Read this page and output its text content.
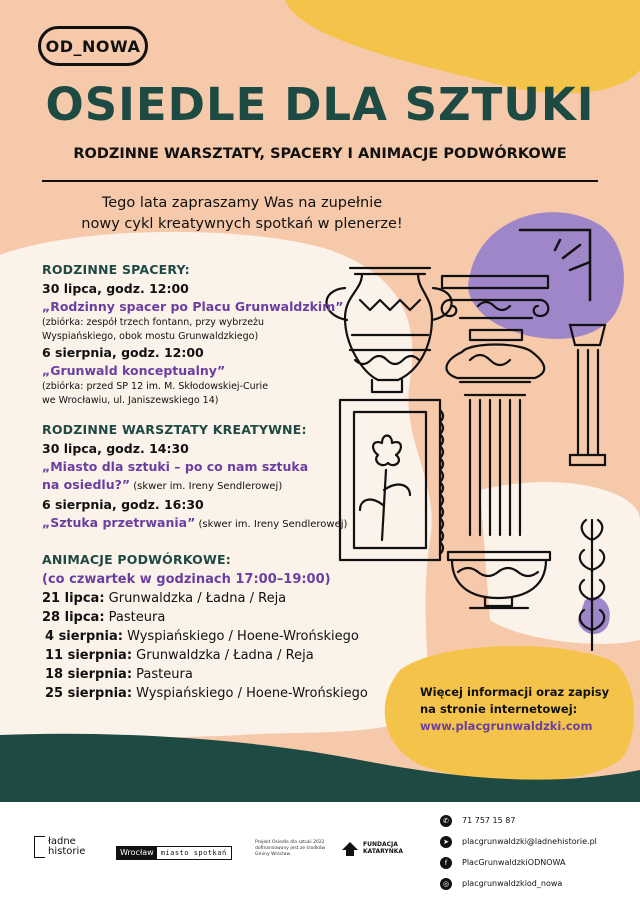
OD_NOWA
OSIEDLE DLA SZTUKI
RODZINNE WARSZTATY, SPACERY I ANIMACJE PODWÓRKOWE
Tego lata zapraszamy Was na zupełnie
nowy cykl kreatywnych spotkań w plenerze!
RODZINNE SPACERY:
30 lipca, godz. 12:00
„Rodzinny spacer po Placu Grunwaldzkim”
(zbiórka: zespół trzech fontann, przy wybrzeżu
Wyspiańskiego, obok mostu Grunwaldzkiego)
6 sierpnia, godz. 12:00
„Grunwald konceptualny”
(zbiórka: przed SP 12 im. M. Skłodowskiej-Curie
we Wrocławiu, ul. Janiszewskiego 14)
RODZINNE WARSZTATY KREATYWNE:
30 lipca, godz. 14:30
„Miasto dla sztuki – po co nam sztuka
na osiedlu?” (skwer im. Ireny Sendlerowej)
6 sierpnia, godz. 16:30
„Sztuka przetrwania” (skwer im. Ireny Sendlerowej)
ANIMACJE PODWÓRKOWE:
(co czwartek w godzinach 17:00–19:00)
21 lipca: Grunwaldzka / Ładna / Reja
28 lipca: Pasteura
4 sierpnia: Wyspiańskiego / Hoene-Wrońskiego
11 sierpnia: Grunwaldzka / Ładna / Reja
18 sierpnia: Pasteura
25 sierpnia: Wyspiańskiego / Hoene-Wrońskiego	Więcej informacji oraz zapisy
na stronie internetowej:
www.placgrunwaldzki.com
ładne
historie	Wrocław	miasto spotkań
Projekt Osiedle dla sztuki 2022
dofinansowany jest ze środków
Gminy Wrocław.
FUNDACJA
KATARYNKA
✆	71 757 15 87
➤	placgrunwaldzki@ladnehistorie.pl
f	PlacGrunwaldzkiODNOWA
◎	placgrunwaldzkiod_nowa
